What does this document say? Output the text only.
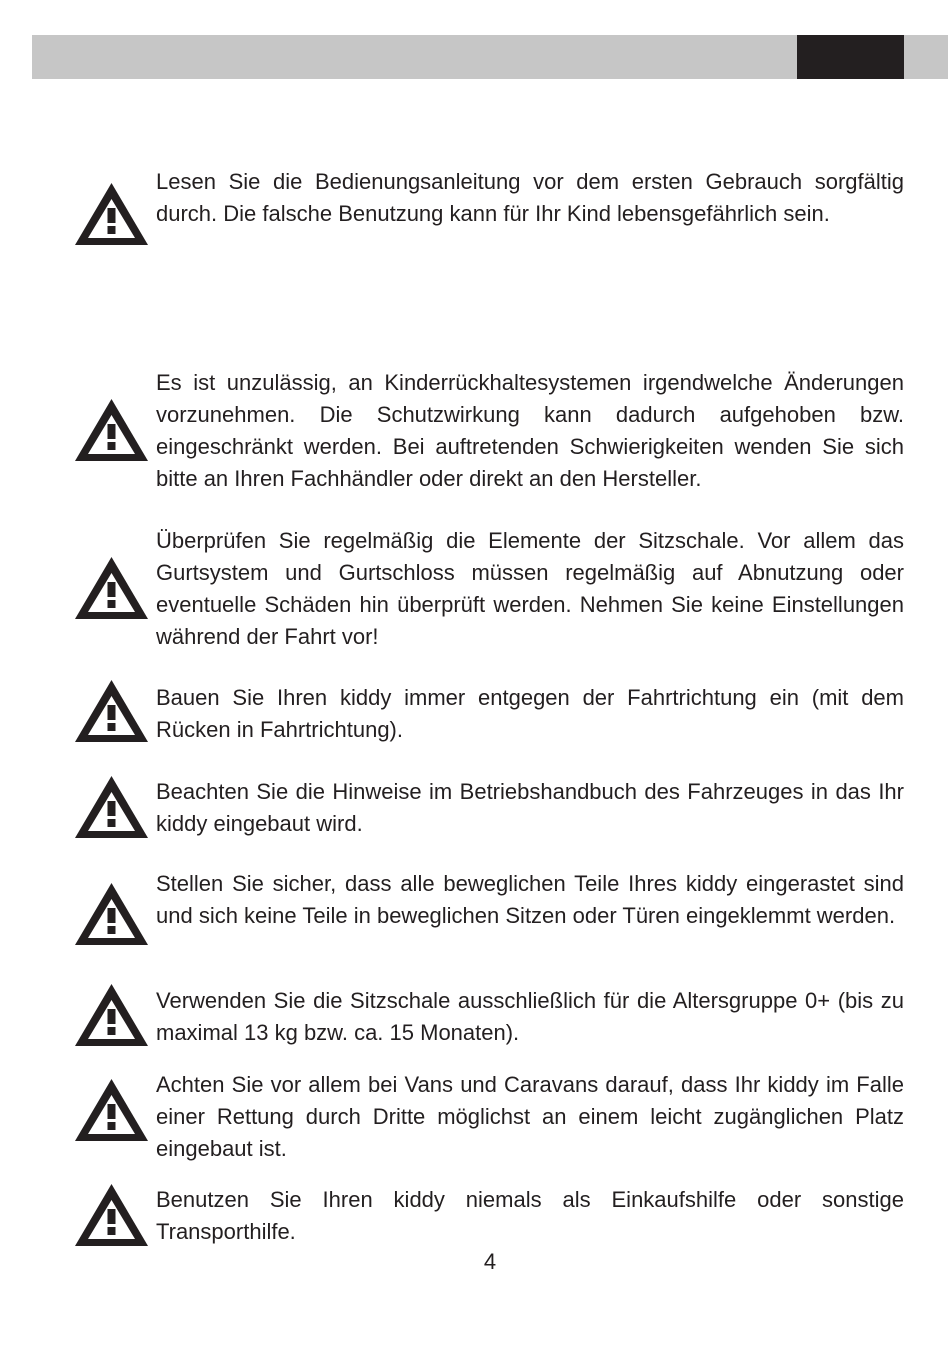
Lesen Sie die Bedienungsanleitung vor dem ersten Gebrauch sorgfältig durch. Die falsche Benutzung kann für Ihr Kind lebensgefährlich sein.

Es ist unzulässig, an Kinderrückhaltesystemen irgendwelche Änderungen vorzunehmen. Die Schutzwirkung kann dadurch aufgehoben bzw. eingeschränkt werden. Bei auftretenden Schwierigkeiten wenden Sie sich bitte an Ihren Fachhändler oder direkt an den Hersteller.

Überprüfen Sie regelmäßig die Elemente der Sitzschale. Vor allem das Gurtsystem und Gurtschloss müssen regelmäßig auf Abnutzung oder eventuelle Schäden hin überprüft werden. Nehmen Sie keine Einstellungen während der Fahrt vor!

Bauen Sie Ihren kiddy immer entgegen der Fahrtrichtung ein (mit dem Rücken in Fahrtrichtung).

Beachten Sie die Hinweise im Betriebshandbuch des Fahrzeuges in das Ihr kiddy eingebaut wird.

Stellen Sie sicher, dass alle beweglichen Teile Ihres kiddy eingerastet sind und sich keine Teile in beweglichen Sitzen oder Türen eingeklemmt werden.

Verwenden Sie die Sitzschale ausschließlich für die Altersgruppe 0+ (bis zu maximal 13 kg bzw. ca. 15 Monaten).

Achten Sie vor allem bei Vans und Caravans darauf, dass Ihr kiddy im Falle einer Rettung durch Dritte möglichst an einem leicht zugänglichen Platz eingebaut ist.

Benutzen Sie Ihren kiddy niemals als Einkaufshilfe oder sonstige Transporthilfe.

4
